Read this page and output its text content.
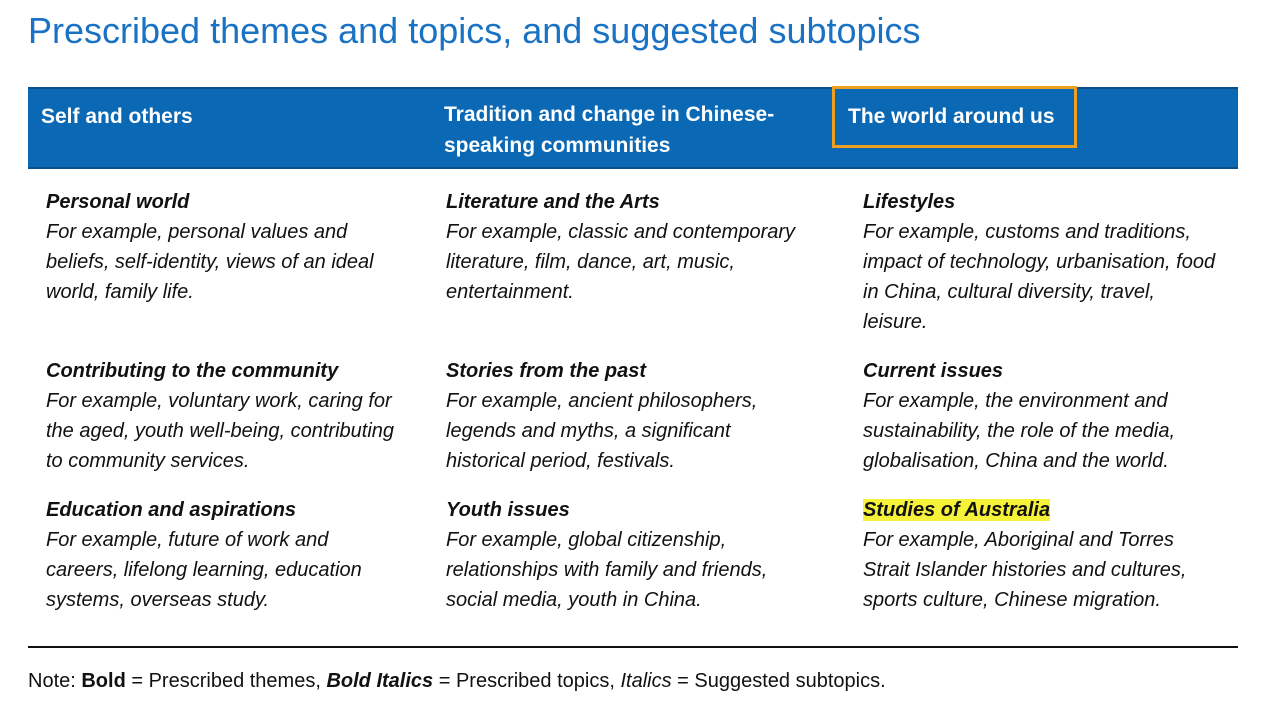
Prescribed themes and topics, and suggested subtopics
Self and others	Tradition and change in Chinese-speaking communities
The world around us
Personal world
For example, personal values and beliefs, self-identity, views of an ideal world, family life.
Contributing to the community
For example, voluntary work, caring for the aged, youth well-being, contributing to community services.
Education and aspirations
For example, future of work and careers, lifelong learning, education systems, overseas study.
Literature and the Arts
For example, classic and contemporary literature, film, dance, art, music, entertainment.
Stories from the past
For example, ancient philosophers, legends and myths, a significant historical period, festivals.
Youth issues
For example, global citizenship, relationships with family and friends, social media, youth in China.
Lifestyles
For example, customs and traditions, impact of technology, urbanisation, food in China, cultural diversity, travel, leisure.
Current issues
For example, the environment and sustainability, the role of the media, globalisation, China and the world.
Studies of Australia
For example, Aboriginal and Torres Strait Islander histories and cultures, sports culture, Chinese migration.
Note: Bold = Prescribed themes, Bold Italics = Prescribed topics, Italics = Suggested subtopics.
